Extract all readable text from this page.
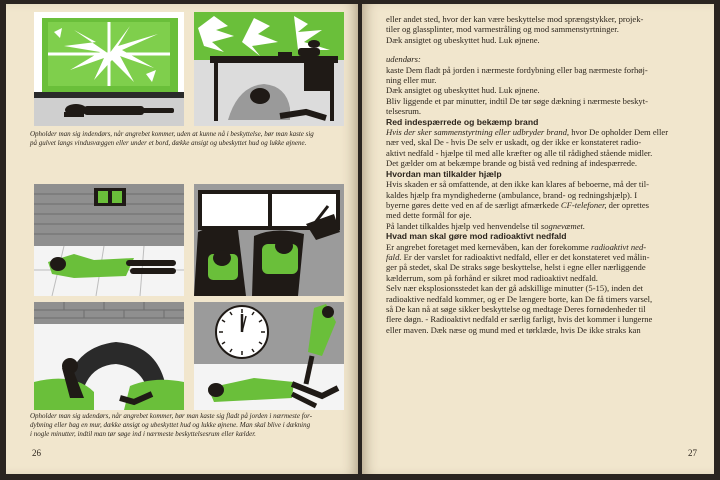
Opholder man sig indendørs, når angrebet kommer, uden at kunne nå i beskyttelse, bør man kaste sig
på gulvet langs vindusvæggen eller under et bord, dække ansigt og ubeskyttet hud og lukke øjnene.
Opholder man sig udendørs, når angrebet kommer, bør man kaste sig fladt på jorden i nærmeste for-
dybning eller bag en mur, dække ansigt og ubeskyttet hud og lukke øjnene. Man skal blive i dækning
i nogle minutter, indtil man tør søge ind i nærmeste beskyttelsesrum eller kælder.
26

eller andet sted, hvor der kan være beskyttelse mod sprængstykker, projek-

tiler og glassplinter, mod varmestråling og mod sammenstyrtninger.

Dæk ansigtet og ubeskyttet hud. Luk øjnene.

udendørs:

kaste Dem fladt på jorden i nærmeste fordybning eller bag nærmeste forhøj-

ning eller mur.

Dæk ansigtet og ubeskyttet hud. Luk øjnene.

Bliv liggende et par minutter, indtil De tør søge dækning i nærmeste beskyt-

telsesrum.

Red indespærrede og bekæmp brand

Hvis der sker sammenstyrtning eller udbryder brand, hvor De opholder Dem eller

nær ved, skal De - hvis De selv er uskadt, og der ikke er konstateret radio-

aktivt nedfald - hjælpe til med alle kræfter og alle til rådighed stående midler.

Det gælder om at bekæmpe brande og bistå ved redning af indespærrede.

Hvordan man tilkalder hjælp

Hvis skaden er så omfattende, at den ikke kan klares af beboerne, må der til-

kaldes hjælp fra myndighederne (ambulance, brand- og redningshjælp). I

byerne gøres dette ved en af de særligt afmærkede CF-telefoner, der oprettes

med dette formål for øje.

På landet tilkaldes hjælp ved henvendelse til sognevæmet.

Hvad man skal gøre mod radioaktivt nedfald

Er angrebet foretaget med kernevåben, kan der forekomme radioaktivt ned-

fald. Er der varslet for radioaktivt nedfald, eller er det konstateret ved målin-

ger på stedet, skal De straks søge beskyttelse, helst i egne eller nærliggende

kælderrum, som på forhånd er sikret mod radioaktivt nedfald.

Selv nær eksplosionsstedet kan der gå adskillige minutter (5-15), inden det

radioaktive nedfald kommer, og er De længere borte, kan De få timers varsel,

så De kan nå at søge sikker beskyttelse og medtage Deres fornødenheder til

flere døgn. - Radioaktivt nedfald er særlig farligt, hvis det kommer i lungerne

eller maven. Dæk næse og mund med et tørklæde, hvis De ikke straks kan

27
